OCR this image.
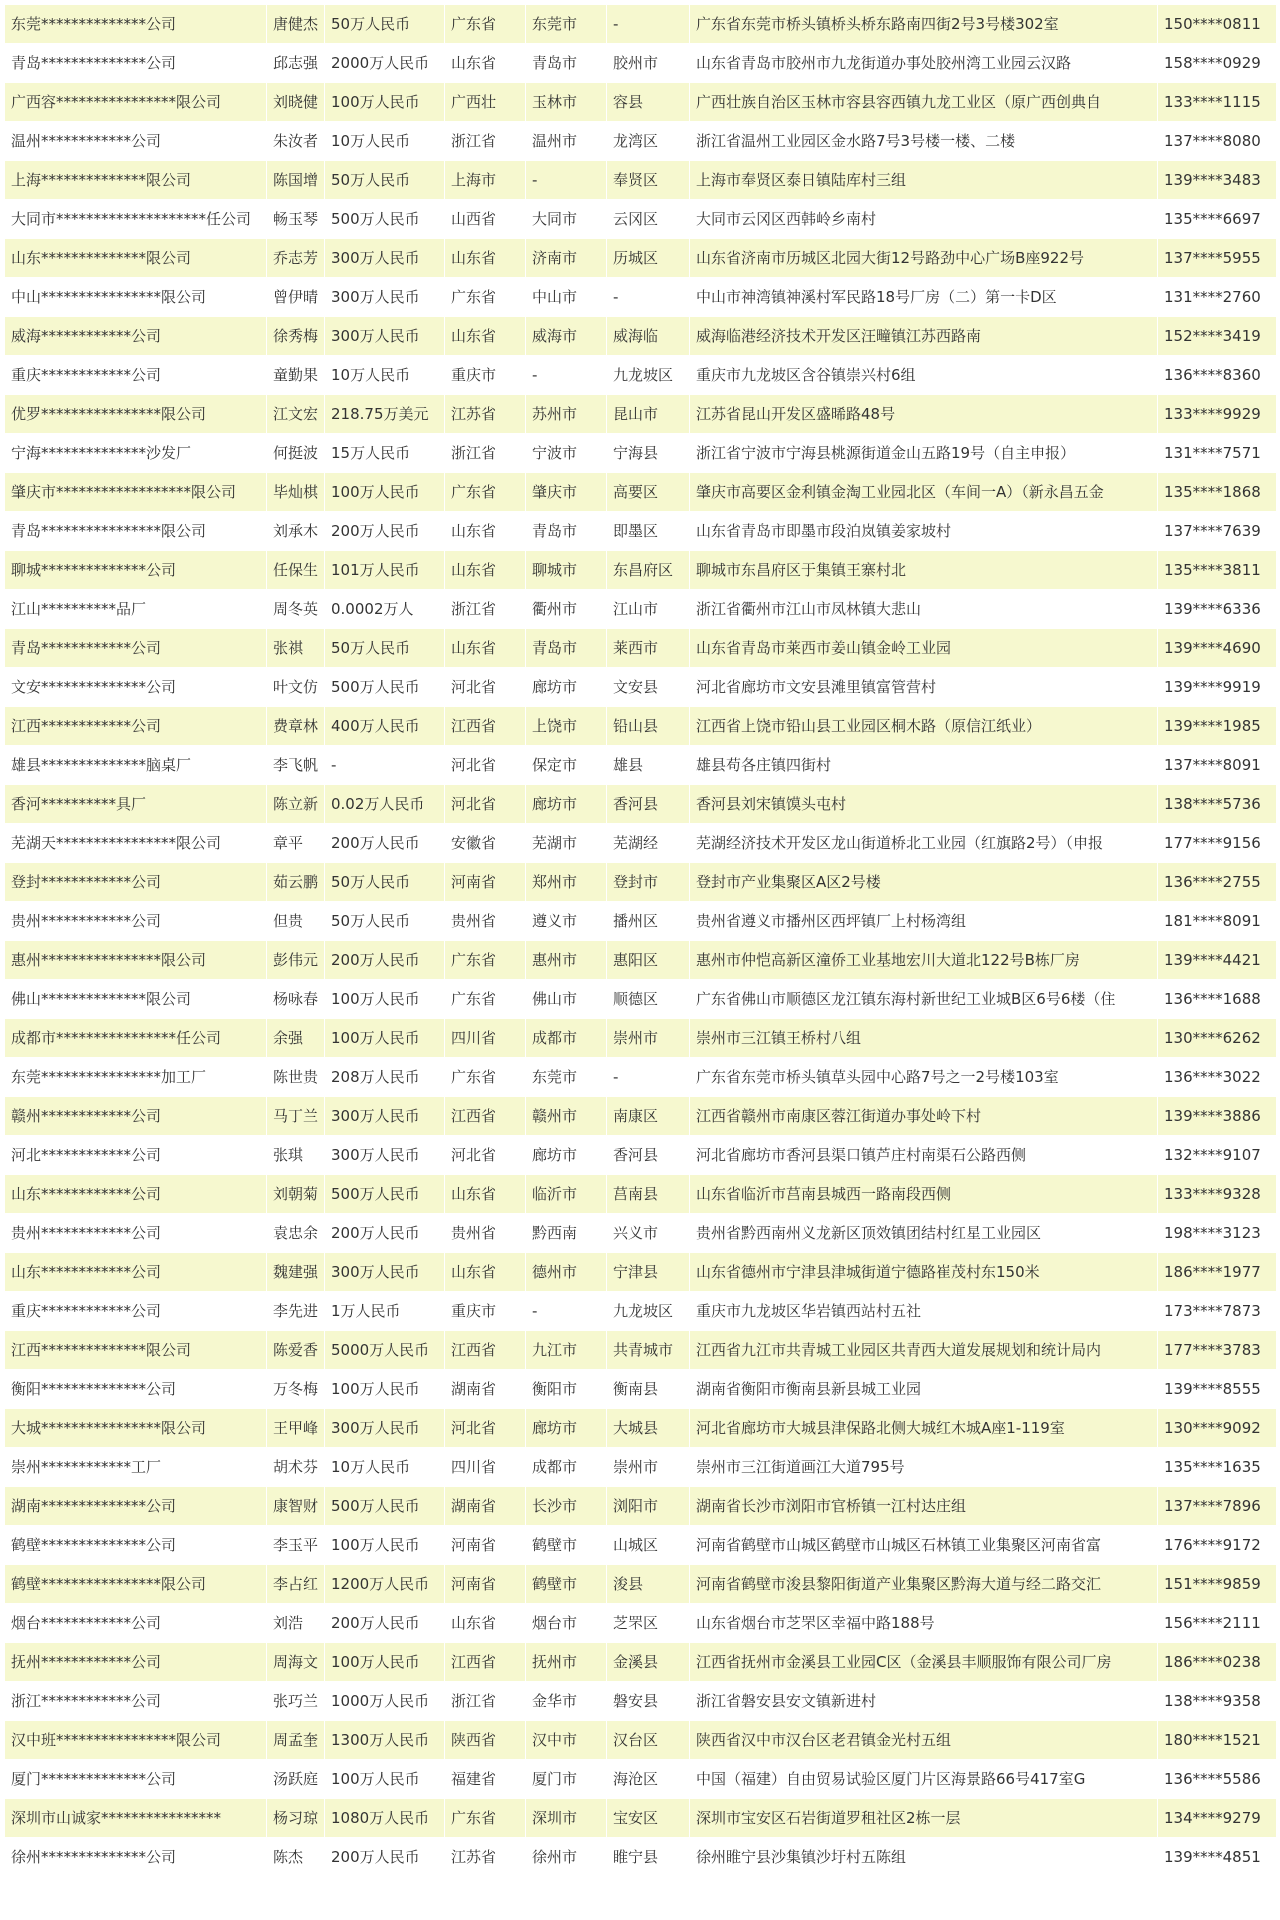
东莞**************公司	唐健杰	50万人民币	广东省	东莞市	-	广东省东莞市桥头镇桥头桥东路南四街2号3号楼302室	150****0811
青岛**************公司	邱志强	2000万人民币	山东省	青岛市	胶州市	山东省青岛市胶州市九龙街道办事处胶州湾工业园云汉路	158****0929
广西容****************限公司	刘晓健	100万人民币	广西壮	玉林市	容县	广西壮族自治区玉林市容县容西镇九龙工业区（原广西创典自	133****1115
温州************公司	朱汝者	10万人民币	浙江省	温州市	龙湾区	浙江省温州工业园区金水路7号3号楼一楼、二楼	137****8080
上海**************限公司	陈国增	50万人民币	上海市	-	奉贤区	上海市奉贤区泰日镇陆库村三组	139****3483
大同市********************任公司	畅玉琴	500万人民币	山西省	大同市	云冈区	大同市云冈区西韩岭乡南村	135****6697
山东**************限公司	乔志芳	300万人民币	山东省	济南市	历城区	山东省济南市历城区北园大街12号路劲中心广场B座922号	137****5955
中山****************限公司	曾伊晴	300万人民币	广东省	中山市	-	中山市神湾镇神溪村军民路18号厂房（二）第一卡D区	131****2760
威海************公司	徐秀梅	300万人民币	山东省	威海市	威海临	威海临港经济技术开发区汪疃镇江苏西路南	152****3419
重庆************公司	童勤果	10万人民币	重庆市	-	九龙坡区	重庆市九龙坡区含谷镇崇兴村6组	136****8360
优罗****************限公司	江文宏	218.75万美元	江苏省	苏州市	昆山市	江苏省昆山开发区盛晞路48号	133****9929
宁海**************沙发厂	何挺波	15万人民币	浙江省	宁波市	宁海县	浙江省宁波市宁海县桃源街道金山五路19号（自主申报）	131****7571
肇庆市******************限公司	毕灿棋	100万人民币	广东省	肇庆市	高要区	肇庆市高要区金利镇金淘工业园北区（车间一A）（新永昌五金	135****1868
青岛****************限公司	刘承木	200万人民币	山东省	青岛市	即墨区	山东省青岛市即墨市段泊岚镇姜家坡村	137****7639
聊城**************公司	任保生	101万人民币	山东省	聊城市	东昌府区	聊城市东昌府区于集镇王寨村北	135****3811
江山**********品厂	周冬英	0.0002万人	浙江省	衢州市	江山市	浙江省衢州市江山市凤林镇大悲山	139****6336
青岛************公司	张祺	50万人民币	山东省	青岛市	莱西市	山东省青岛市莱西市姜山镇金岭工业园	139****4690
文安**************公司	叶文仿	500万人民币	河北省	廊坊市	文安县	河北省廊坊市文安县滩里镇富管营村	139****9919
江西************公司	费章林	400万人民币	江西省	上饶市	铅山县	江西省上饶市铅山县工业园区桐木路（原信江纸业）	139****1985
雄县**************脑桌厂	李飞帆	-	河北省	保定市	雄县	雄县苟各庄镇四街村	137****8091
香河**********具厂	陈立新	0.02万人民币	河北省	廊坊市	香河县	香河县刘宋镇馍头屯村	138****5736
芜湖天****************限公司	章平	200万人民币	安徽省	芜湖市	芜湖经	芜湖经济技术开发区龙山街道桥北工业园（红旗路2号）（申报	177****9156
登封************公司	茹云鹏	50万人民币	河南省	郑州市	登封市	登封市产业集聚区A区2号楼	136****2755
贵州************公司	但贵	50万人民币	贵州省	遵义市	播州区	贵州省遵义市播州区西坪镇厂上村杨湾组	181****8091
惠州****************限公司	彭伟元	200万人民币	广东省	惠州市	惠阳区	惠州市仲恺高新区潼侨工业基地宏川大道北122号B栋厂房	139****4421
佛山**************限公司	杨咏春	100万人民币	广东省	佛山市	顺德区	广东省佛山市顺德区龙江镇东海村新世纪工业城B区6号6楼（住	136****1688
成都市****************任公司	余强	100万人民币	四川省	成都市	崇州市	崇州市三江镇王桥村八组	130****6262
东莞****************加工厂	陈世贵	208万人民币	广东省	东莞市	-	广东省东莞市桥头镇草头园中心路7号之一2号楼103室	136****3022
赣州************公司	马丁兰	300万人民币	江西省	赣州市	南康区	江西省赣州市南康区蓉江街道办事处岭下村	139****3886
河北************公司	张琪	300万人民币	河北省	廊坊市	香河县	河北省廊坊市香河县渠口镇芦庄村南渠石公路西侧	132****9107
山东************公司	刘朝菊	500万人民币	山东省	临沂市	莒南县	山东省临沂市莒南县城西一路南段西侧	133****9328
贵州************公司	袁忠余	200万人民币	贵州省	黔西南	兴义市	贵州省黔西南州义龙新区顶效镇团结村红星工业园区	198****3123
山东************公司	魏建强	300万人民币	山东省	德州市	宁津县	山东省德州市宁津县津城街道宁德路崔茂村东150米	186****1977
重庆************公司	李先进	1万人民币	重庆市	-	九龙坡区	重庆市九龙坡区华岩镇西站村五社	173****7873
江西**************限公司	陈爱香	5000万人民币	江西省	九江市	共青城市	江西省九江市共青城工业园区共青西大道发展规划和统计局内	177****3783
衡阳**************公司	万冬梅	100万人民币	湖南省	衡阳市	衡南县	湖南省衡阳市衡南县新县城工业园	139****8555
大城****************限公司	王甲峰	300万人民币	河北省	廊坊市	大城县	河北省廊坊市大城县津保路北侧大城红木城A座1-119室	130****9092
崇州************工厂	胡术芬	10万人民币	四川省	成都市	崇州市	崇州市三江街道画江大道795号	135****1635
湖南**************公司	康智财	500万人民币	湖南省	长沙市	浏阳市	湖南省长沙市浏阳市官桥镇一江村达庄组	137****7896
鹤壁**************公司	李玉平	100万人民币	河南省	鹤壁市	山城区	河南省鹤壁市山城区鹤壁市山城区石林镇工业集聚区河南省富	176****9172
鹤壁****************限公司	李占红	1200万人民币	河南省	鹤壁市	浚县	河南省鹤壁市浚县黎阳街道产业集聚区黔海大道与经二路交汇	151****9859
烟台************公司	刘浩	200万人民币	山东省	烟台市	芝罘区	山东省烟台市芝罘区幸福中路188号	156****2111
抚州************公司	周海文	100万人民币	江西省	抚州市	金溪县	江西省抚州市金溪县工业园C区（金溪县丰顺服饰有限公司厂房	186****0238
浙江************公司	张巧兰	1000万人民币	浙江省	金华市	磐安县	浙江省磐安县安文镇新进村	138****9358
汉中班****************限公司	周孟奎	1300万人民币	陕西省	汉中市	汉台区	陕西省汉中市汉台区老君镇金光村五组	180****1521
厦门**************公司	汤跃庭	100万人民币	福建省	厦门市	海沧区	中国（福建）自由贸易试验区厦门片区海景路66号417室G	136****5586
深圳市山诚家****************	杨习琼	1080万人民币	广东省	深圳市	宝安区	深圳市宝安区石岩街道罗租社区2栋一层	134****9279
徐州**************公司	陈杰	200万人民币	江苏省	徐州市	睢宁县	徐州睢宁县沙集镇沙圩村五陈组	139****4851
